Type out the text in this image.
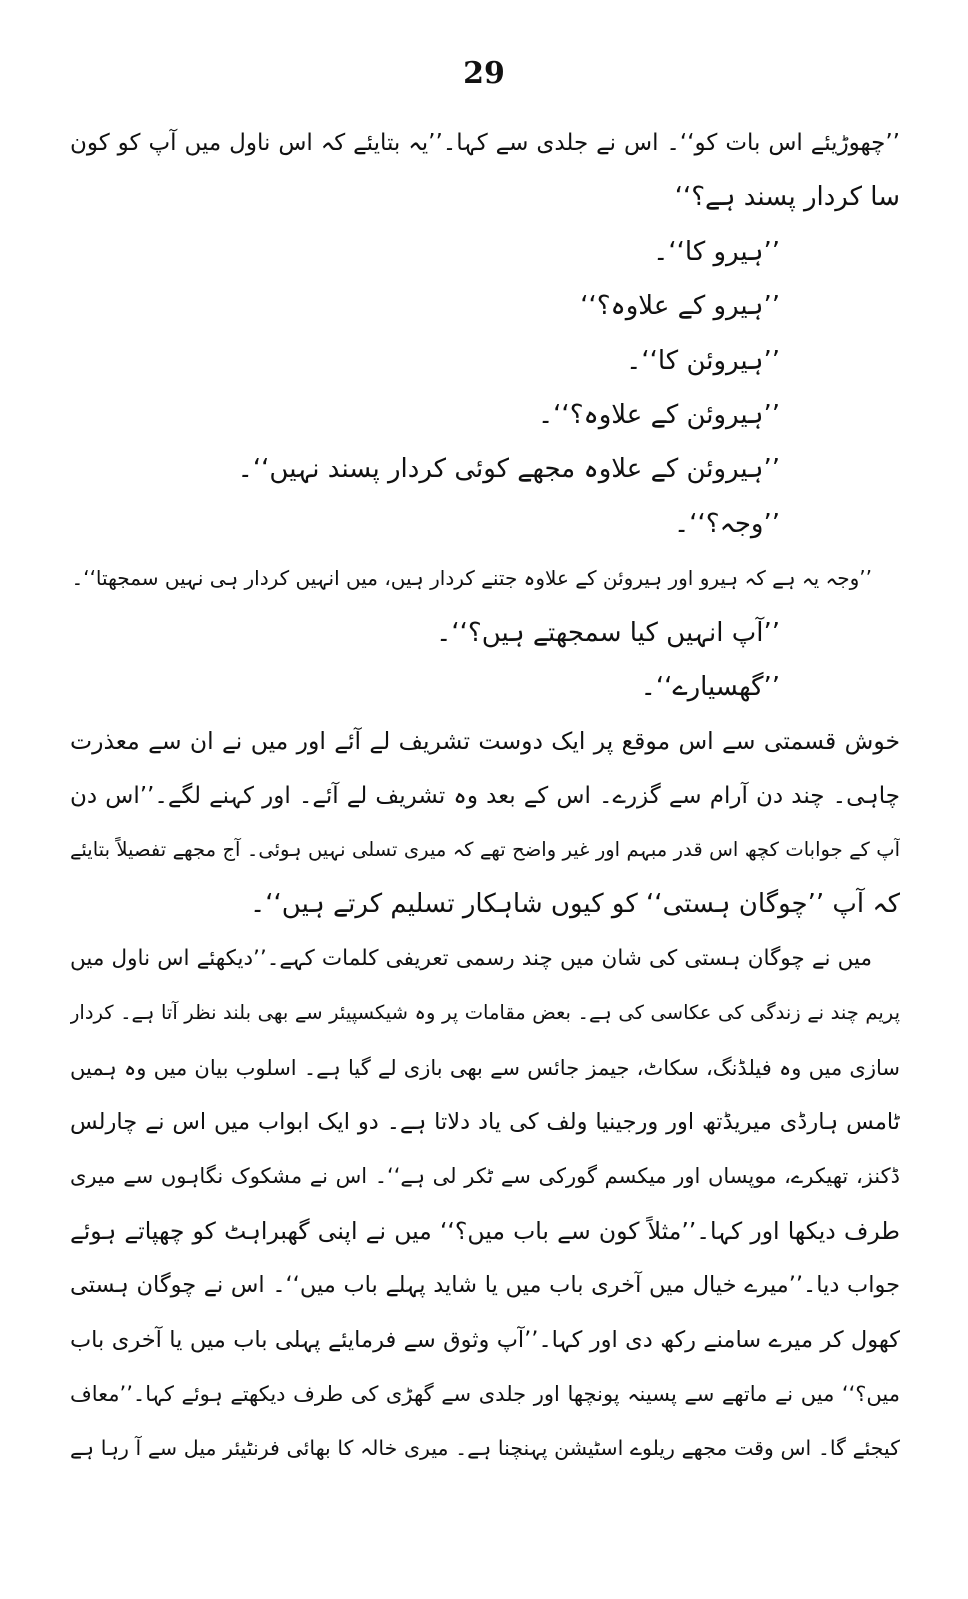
29
’’چھوڑیئے اس بات کو‘‘۔ اس نے جلدی سے کہا۔’’یہ بتایئے کہ اس ناول میں آپ کو کون
سا کردار پسند ہے؟‘‘
’’ہیرو کا‘‘۔
’’ہیرو کے علاوہ؟‘‘
’’ہیروئن کا‘‘۔
’’ہیروئن کے علاوہ؟‘‘۔
’’ہیروئن کے علاوہ مجھے کوئی کردار پسند نہیں‘‘۔
’’وجہ؟‘‘۔
’’وجہ یہ ہے کہ ہیرو اور ہیروئن کے علاوہ جتنے کردار ہیں، میں انہیں کردار ہی نہیں سمجھتا‘‘۔
’’آپ انہیں کیا سمجھتے ہیں؟‘‘۔
’’گھسیارے‘‘۔
خوش قسمتی سے اس موقع پر ایک دوست تشریف لے آئے اور میں نے ان سے معذرت
چاہی۔ چند دن آرام سے گزرے۔ اس کے بعد وہ تشریف لے آئے۔ اور کہنے لگے۔’’اس دن
آپ کے جوابات کچھ اس قدر مبہم اور غیر واضح تھے کہ میری تسلی نہیں ہوئی۔ آج مجھے تفصیلاً بتایئے
کہ آپ ’’چوگان ہستی‘‘ کو کیوں شاہکار تسلیم کرتے ہیں‘‘۔
میں نے چوگان ہستی کی شان میں چند رسمی تعریفی کلمات کہے۔’’دیکھئے اس ناول میں
پریم چند نے زندگی کی عکاسی کی ہے۔ بعض مقامات پر وہ شیکسپیئر سے بھی بلند نظر آتا ہے۔ کردار
سازی میں وہ فیلڈنگ، سکاٹ، جیمز جائس سے بھی بازی لے گیا ہے۔ اسلوب بیان میں وہ ہمیں
ٹامس ہارڈی میریڈتھ اور ورجینیا ولف کی یاد دلاتا ہے۔ دو ایک ابواب میں اس نے چارلس
ڈکنز، تھیکرے، موپساں اور میکسم گورکی سے ٹکر لی ہے‘‘۔ اس نے مشکوک نگاہوں سے میری
طرف دیکھا اور کہا۔’’مثلاً کون سے باب میں؟‘‘ میں نے اپنی گھبراہٹ کو چھپاتے ہوئے
جواب دیا۔’’میرے خیال میں آخری باب میں یا شاید پہلے باب میں‘‘۔ اس نے چوگان ہستی
کھول کر میرے سامنے رکھ دی اور کہا۔’’آپ وثوق سے فرمایئے پہلی باب میں یا آخری باب
میں؟‘‘ میں نے ماتھے سے پسینہ پونچھا اور جلدی سے گھڑی کی طرف دیکھتے ہوئے کہا۔’’معاف
کیجئے گا۔ اس وقت مجھے ریلوے اسٹیشن پہنچنا ہے۔ میری خالہ کا بھائی فرنٹیئر میل سے آ رہا ہے
